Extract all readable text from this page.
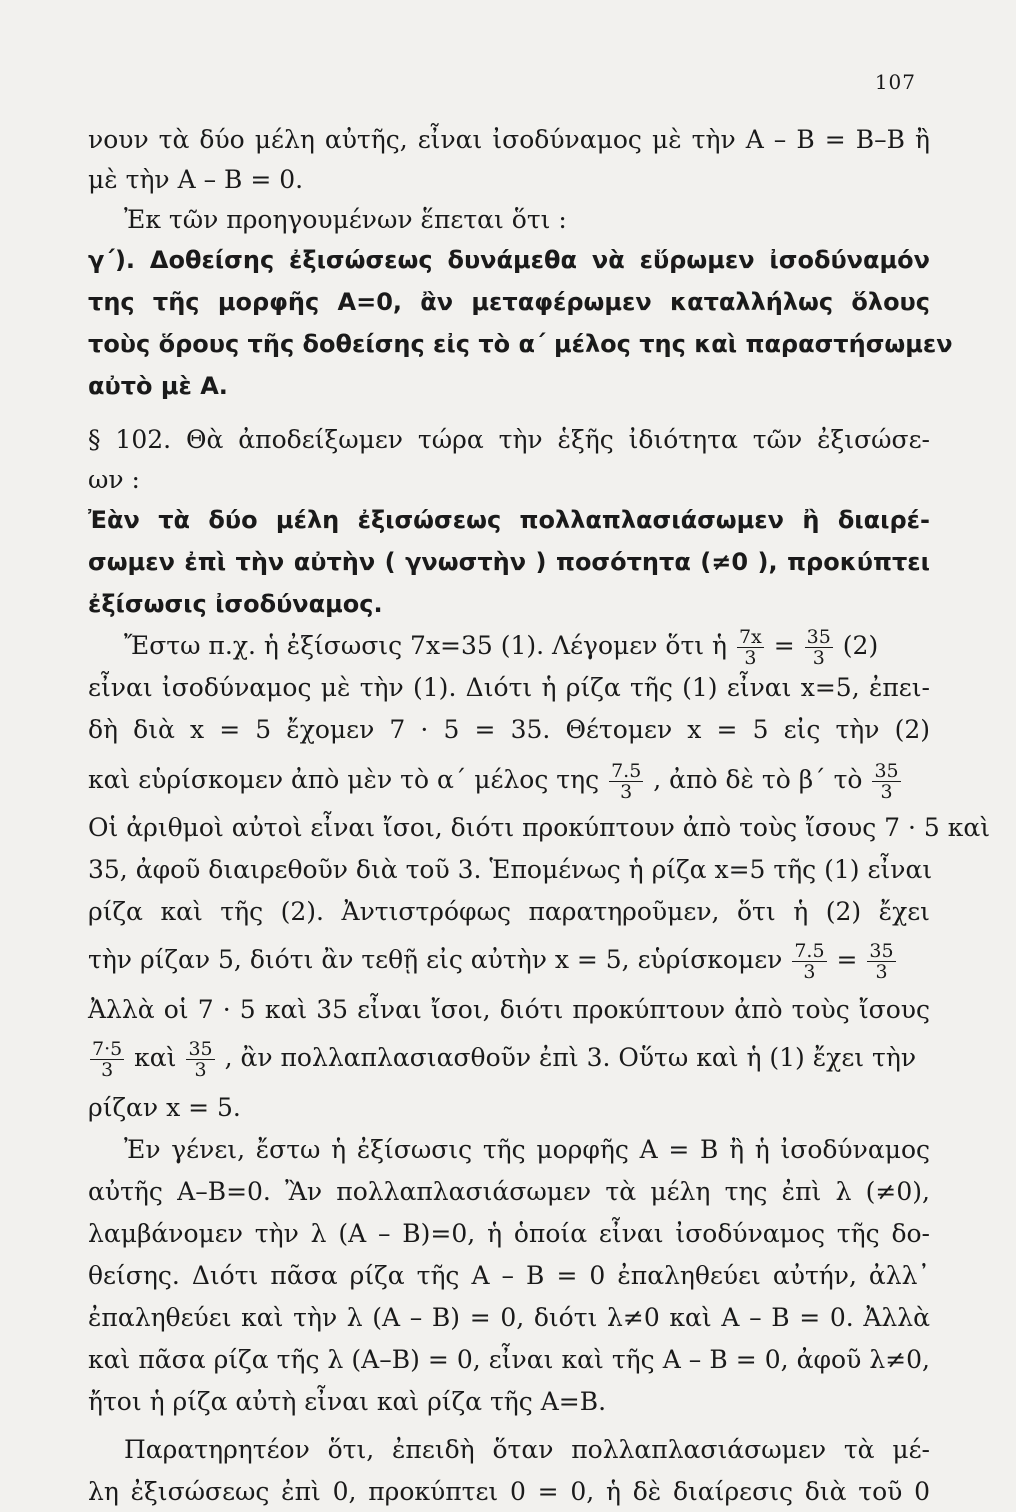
107
νουν τὰ δύο μέλη αὐτῆς, εἶναι ἰσοδύναμος μὲ τὴν Α – Β = Β–Β ἢ
μὲ τὴν Α – Β = 0.
Ἐκ τῶν προηγουμένων ἕπεται ὅτι :
γ΄). Δοθείσης ἐξισώσεως δυνάμεθα νὰ εὕρωμεν ἰσοδύναμόν
της τῆς μορφῆς Α=0, ἂν μεταφέρωμεν καταλλήλως ὅλους
τοὺς ὅρους τῆς δοθείσης εἰς τὸ α΄ μέλος της καὶ παραστήσωμεν
αὐτὸ μὲ Α.
§ 102. Θὰ ἀποδείξωμεν τώρα τὴν ἑξῆς ἰδιότητα τῶν ἐξισώσε-
ων :
Ἐὰν τὰ δύο μέλη ἐξισώσεως πολλαπλασιάσωμεν ἢ διαιρέ-
σωμεν ἐπὶ τὴν αὐτὴν ( γνωστὴν ) ποσότητα (≠0 ), προκύπτει
ἐξίσωσις ἰσοδύναμος.
Ἔστω π.χ. ἡ ἐξίσωσις 7x=35 (1). Λέγομεν ὅτι ἡ $\frac{7x}{3} = \frac{35}{3} (2)$
εἶναι ἰσοδύναμος μὲ τὴν (1). Διότι ἡ ρίζα τῆς (1) εἶναι x=5, ἐπει-
δὴ διὰ x = 5 ἔχομεν 7 · 5 = 35. Θέτομεν x = 5 εἰς τὴν (2)
καὶ εὑρίσκομεν ἀπὸ μὲν τὸ α΄ μέλος της $\frac{7.5}{3}$ , ἀπὸ δὲ τὸ β΄ τὸ $\frac{35}{3}$
Οἱ ἀριθμοὶ αὐτοὶ εἶναι ἴσοι, διότι προκύπτουν ἀπὸ τοὺς ἴσους 7 · 5 καὶ
35, ἀφοῦ διαιρεθοῦν διὰ τοῦ 3. Ἑπομένως ἡ ρίζα x=5 τῆς (1) εἶναι
ρίζα καὶ τῆς (2). Ἀντιστρόφως παρατηροῦμεν, ὅτι ἡ (2) ἔχει
τὴν ρίζαν 5, διότι ἂν τεθῇ εἰς αὐτὴν x = 5, εὑρίσκομεν $\frac{7.5}{3} = \frac{35}{3}$
Ἀλλὰ οἱ 7 · 5 καὶ 35 εἶναι ἴσοι, διότι προκύπτουν ἀπὸ τοὺς ἴσους
$\frac{7\cdot 5}{3}$ καὶ $\frac{35}{3}$ , ἂν πολλαπλασιασθοῦν ἐπὶ 3. Οὕτω καὶ ἡ (1) ἔχει τὴν
ρίζαν x = 5.
Ἐν γένει, ἔστω ἡ ἐξίσωσις τῆς μορφῆς Α = Β ἢ ἡ ἰσοδύναμος
αὐτῆς Α–Β=0. Ἂν πολλαπλασιάσωμεν τὰ μέλη της ἐπὶ λ (≠0),
λαμβάνομεν τὴν λ (Α – Β)=0, ἡ ὁποία εἶναι ἰσοδύναμος τῆς δο-
θείσης. Διότι πᾶσα ρίζα τῆς Α – Β = 0 ἐπαληθεύει αὐτήν, ἀλλ᾽
ἐπαληθεύει καὶ τὴν λ (Α – Β) = 0, διότι λ≠0 καὶ Α – Β = 0. Ἀλλὰ
καὶ πᾶσα ρίζα τῆς λ (Α–Β) = 0, εἶναι καὶ τῆς Α – Β = 0, ἀφοῦ λ≠0,
ἤτοι ἡ ρίζα αὐτὴ εἶναι καὶ ρίζα τῆς Α=Β.
Παρατηρητέον ὅτι, ἐπειδὴ ὅταν πολλαπλασιάσωμεν τὰ μέ-
λη ἐξισώσεως ἐπὶ 0, προκύπτει 0 = 0, ἡ δὲ διαίρεσις διὰ τοῦ 0
